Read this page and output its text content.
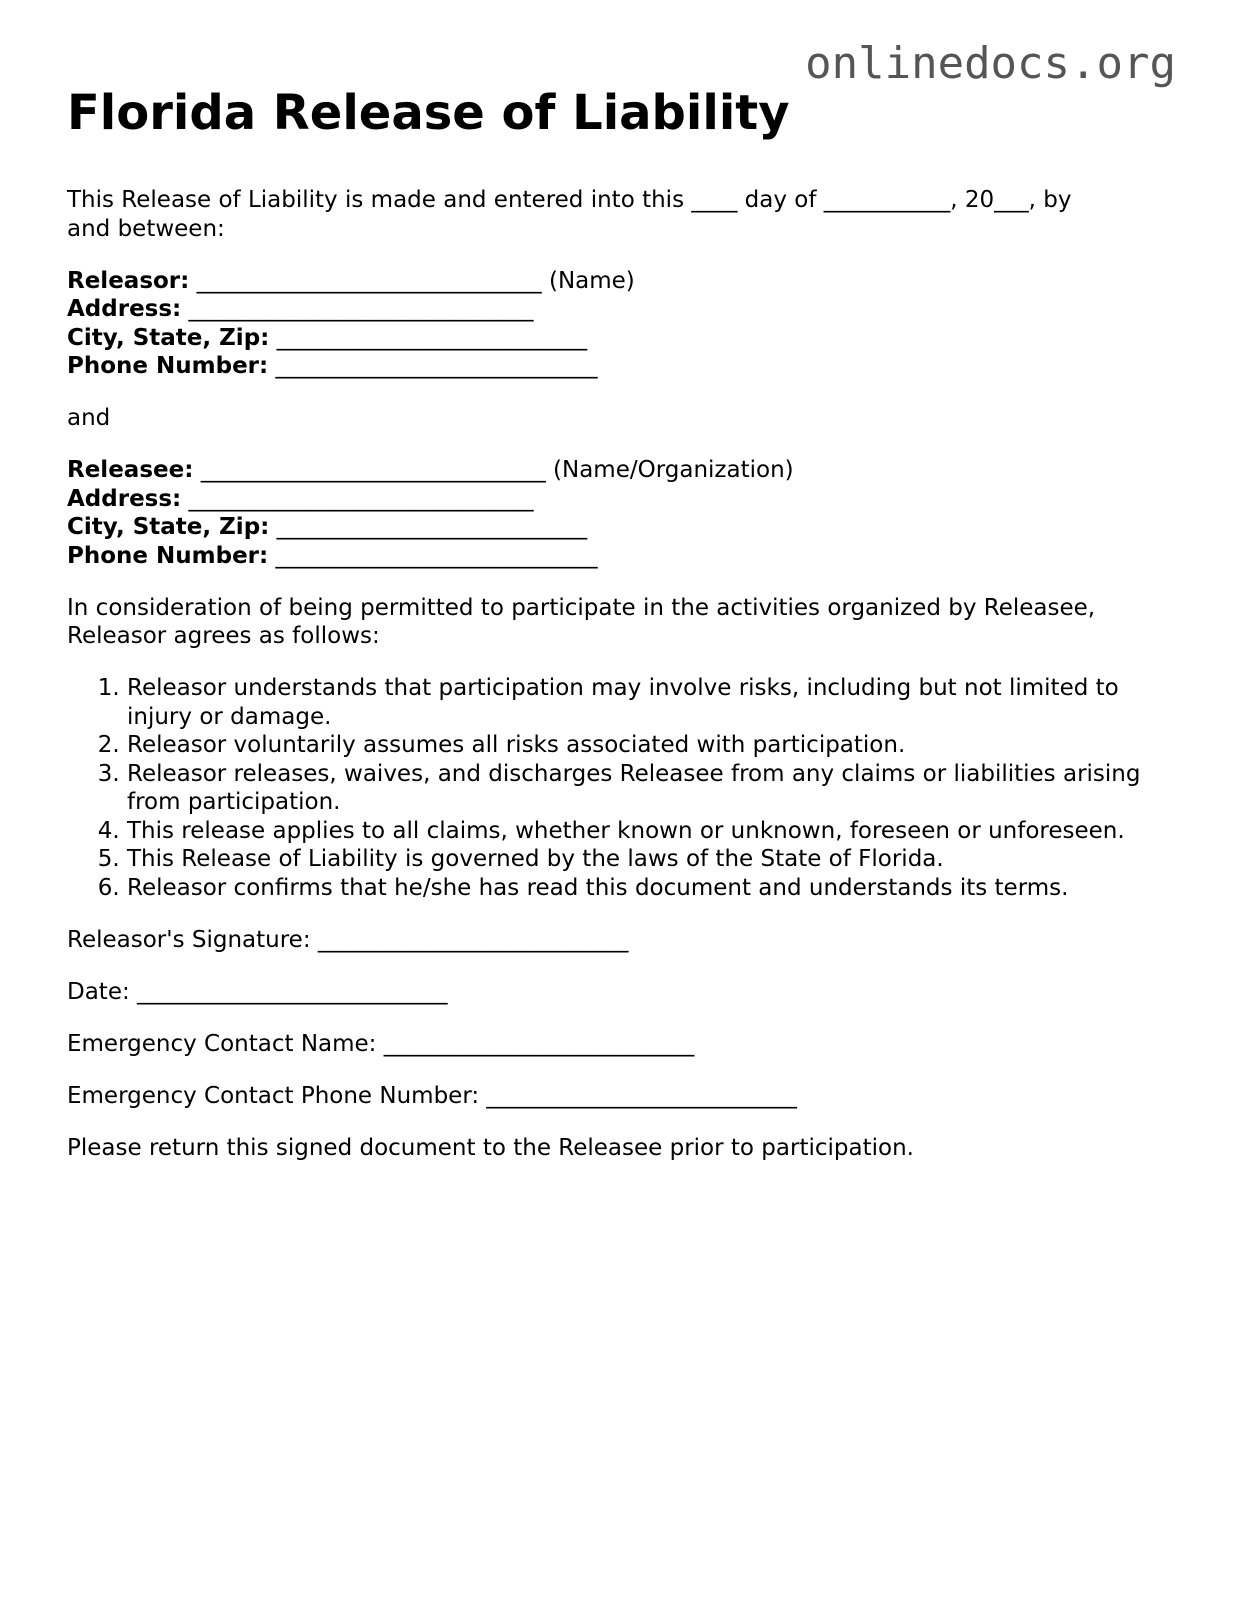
onlinedocs.org
Florida Release of Liability
This Release of Liability is made and entered into this ____ day of ___________, 20___, by
and between:
Releasor: ______________________________ (Name)
Address: ______________________________
City, State, Zip: ___________________________
Phone Number: ____________________________

and

Releasee: ______________________________ (Name/Organization)
Address: ______________________________
City, State, Zip: ___________________________
Phone Number: ____________________________
In consideration of being permitted to participate in the activities organized by Releasee,
Releasor agrees as follows:
1. Releasor understands that participation may involve risks, including but not limited to injury or damage.
2. Releasor voluntarily assumes all risks associated with participation.
3. Releasor releases, waives, and discharges Releasee from any claims or liabilities arising from participation.
4. This release applies to all claims, whether known or unknown, foreseen or unforeseen.
5. This Release of Liability is governed by the laws of the State of Florida.
6. Releasor confirms that he/she has read this document and understands its terms.

Releasor's Signature: ___________________________

Date: ___________________________

Emergency Contact Name: ___________________________

Emergency Contact Phone Number: ___________________________

Please return this signed document to the Releasee prior to participation.
